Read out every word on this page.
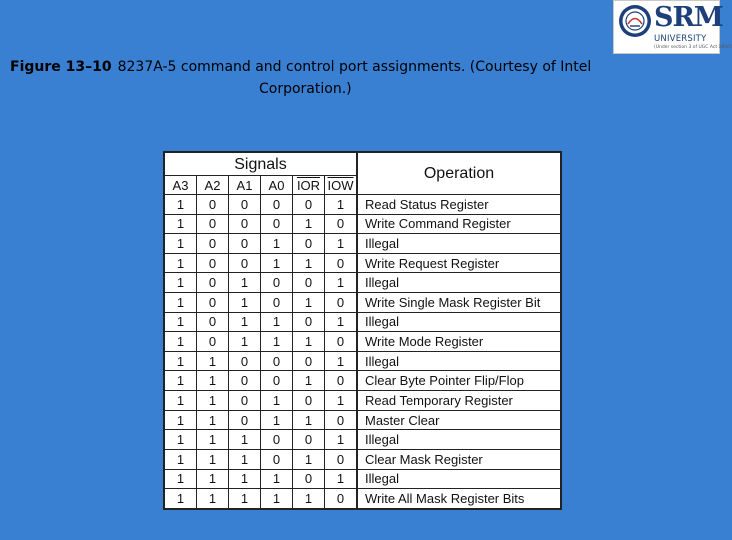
SRM
UNIVERSITY
(Under section 3 of UGC Act 1956)
Figure 13–10 8237A-5 command and control port assignments. (Courtesy of Intel
Corporation.)
Signals						Operation
A3	A2	A1	A0	$\overline{IOR}$	$\overline{IOW}$
1	0	0	0	0	1	Read Status Register
1	0	0	0	1	0	Write Command Register
1	0	0	1	0	1	Illegal
1	0	0	1	1	0	Write Request Register
1	0	1	0	0	1	Illegal
1	0	1	0	1	0	Write Single Mask Register Bit
1	0	1	1	0	1	Illegal
1	0	1	1	1	0	Write Mode Register
1	1	0	0	0	1	Illegal
1	1	0	0	1	0	Clear Byte Pointer Flip/Flop
1	1	0	1	0	1	Read Temporary Register
1	1	0	1	1	0	Master Clear
1	1	1	0	0	1	Illegal
1	1	1	0	1	0	Clear Mask Register
1	1	1	1	0	1	Illegal
1	1	1	1	1	0	Write All Mask Register Bits
